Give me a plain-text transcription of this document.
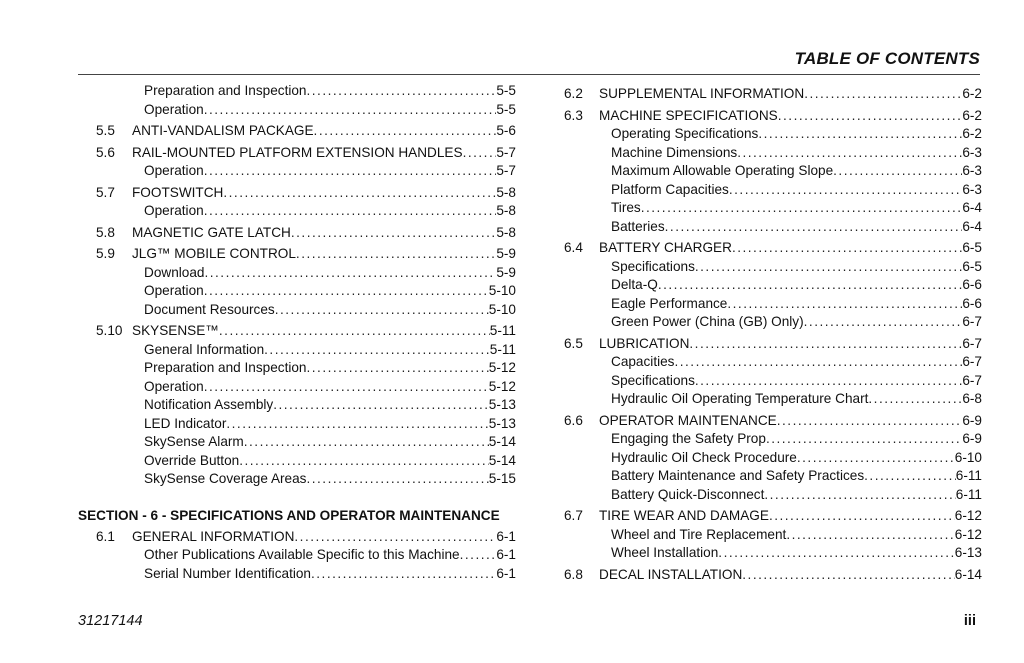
TABLE OF CONTENTS
Preparation and Inspection .....	5-5
Operation .....	5-5
5.5 ANTI-VANDALISM PACKAGE .....	5-6
5.6 RAIL-MOUNTED PLATFORM EXTENSION HANDLES ..... 5-7
Operation .....	5-7
5.7 FOOTSWITCH .....	5-8
Operation .....	5-8
5.8 MAGNETIC GATE LATCH .....	5-8
5.9 JLG™ MOBILE CONTROL .....	5-9
Download .....	5-9
Operation .....	5-10
Document Resources .....	5-10
5.10 SKYSENSE™ .....	5-11
General Information .....	5-11
Preparation and Inspection .....	5-12
Operation .....	5-12
Notification Assembly .....	5-13
LED Indicator .....	5-13
SkySense Alarm .....	5-14
Override Button .....	5-14
SkySense Coverage Areas .....	5-15
SECTION - 6 - SPECIFICATIONS AND OPERATOR MAINTENANCE
6.1 GENERAL INFORMATION .....	6-1
Other Publications Available Specific to this Machine .....	6-1
Serial Number Identification .....	6-1
6.2 SUPPLEMENTAL INFORMATION .....	6-2
6.3 MACHINE SPECIFICATIONS .....	6-2
Operating Specifications .....	6-2
Machine Dimensions .....	6-3
Maximum Allowable Operating Slope .....	6-3
Platform Capacities .....	6-3
Tires .....	6-4
Batteries .....	6-4
6.4 BATTERY CHARGER .....	6-5
Specifications .....	6-5
Delta-Q .....	6-6
Eagle Performance .....	6-6
Green Power (China (GB) Only) .....	6-7
6.5 LUBRICATION .....	6-7
Capacities .....	6-7
Specifications .....	6-7
Hydraulic Oil Operating Temperature Chart .....	6-8
6.6 OPERATOR MAINTENANCE .....	6-9
Engaging the Safety Prop .....	6-9
Hydraulic Oil Check Procedure .....	6-10
Battery Maintenance and Safety Practices .....	6-11
Battery Quick-Disconnect .....	6-11
6.7 TIRE WEAR AND DAMAGE .....	6-12
Wheel and Tire Replacement .....	6-12
Wheel Installation .....	6-13
6.8 DECAL INSTALLATION .....	6-14
31217144	iii
